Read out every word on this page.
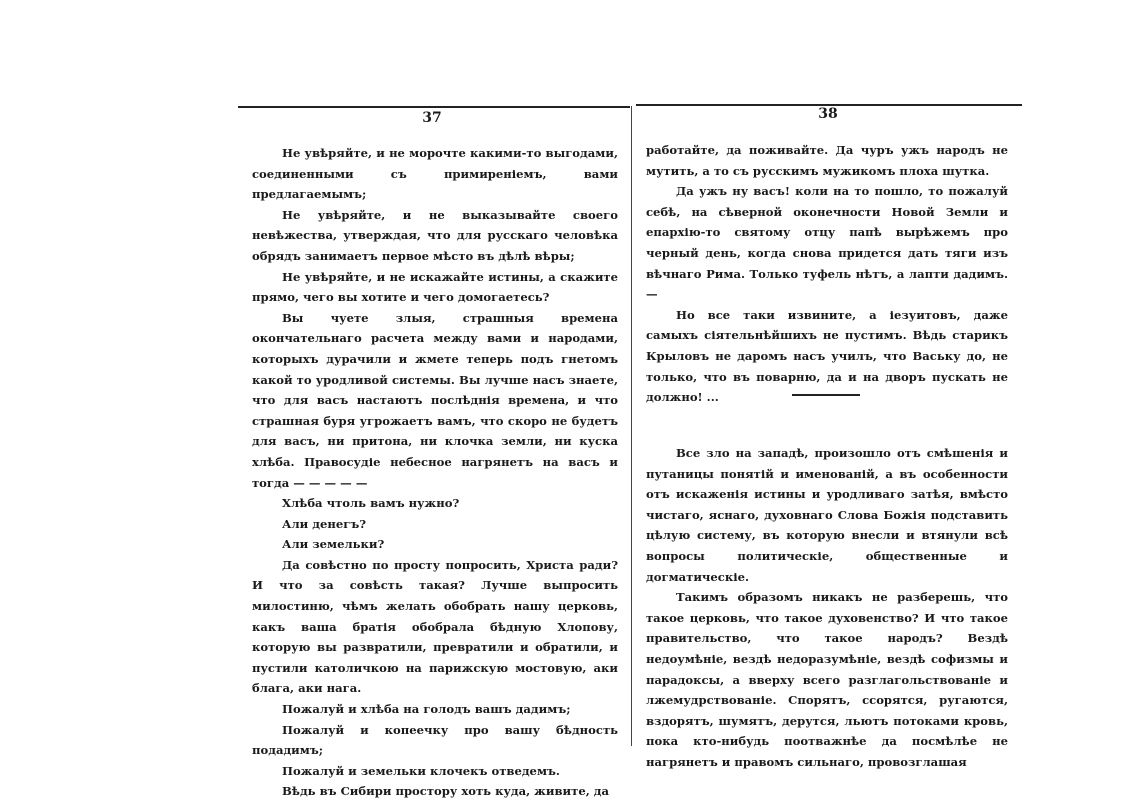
37	38

Не увѣряйте, и не морочте какими-то выгодами, соединенными съ примиреніемъ, вами предлагаемымъ;

Не увѣряйте, и не выказывайте своего невѣжества, утверждая, что для русскаго человѣка обрядъ занимаетъ первое мѣсто въ дѣлѣ вѣры;

Не увѣряйте, и не искажайте истины, а скажите прямо, чего вы хотите и чего домогаетесь?

Вы чуете злыя, страшныя времена окончательнаго расчета между вами и народами, которыхъ дурачили и жмете теперь подъ гнетомъ какой то уродливой системы. Вы лучше насъ знаете, что для васъ настаютъ послѣднія времена, и что страшная буря угрожаетъ вамъ, что скоро не будетъ для васъ, ни притона, ни клочка земли, ни куска хлѣба. Правосудіе небесное нагрянетъ на васъ и тогда — — — — —

Хлѣба чтоль вамъ нужно?

Али денегъ?

Али земельки?

Да совѣстно по просту попросить, Христа ради? И что за совѣсть такая? Лучше выпросить милостиню, чѣмъ желать обобрать нашу церковь, какъ ваша братія обобрала бѣдную Хлопову, которую вы развратили, превратили и обратили, и пустили католичкою на парижскую мостовую, аки блага, аки нага.

Пожалуй и хлѣба на голодъ вашъ дадимъ;

Пожалуй и копеечку про вашу бѣдность подадимъ;

Пожалуй и земельки клочекъ отведемъ.

Вѣдь въ Сибири простору хоть куда, живите, да

работайте, да поживайте. Да чуръ ужъ народъ не мутить, а то съ русскимъ мужикомъ плоха шутка.

Да ужъ ну васъ! коли на то пошло, то пожалуй себѣ, на сѣверной оконечности Новой Земли и епархію-то святому отцу папѣ вырѣжемъ про черный день, когда снова придется дать тяги изъ вѣчнаго Рима. Только туфель нѣтъ, а лапти дадимъ. —

Но все таки извините, а іезуитовъ, даже самыхъ сіятельнѣйшихъ не пустимъ. Вѣдь старикъ Крыловъ не даромъ насъ училъ, что Ваську до, не только, что въ поварню, да и на дворъ пускать не должно! ...

Все зло на западѣ, произошло отъ смѣшенія и путаницы понятій и именованій, а въ особенности отъ искаженія истины и уродливаго затѣя, вмѣсто чистаго, яснаго, духовнаго Слова Божія подставить цѣлую систему, въ которую внесли и втянули всѣ вопросы политическіе, общественные и догматическіе.

Такимъ образомъ никакъ не разберешь, что такое церковь, что такое духовенство? И что такое правительство, что такое народъ? Вездѣ недоумѣніе, вездѣ недоразумѣніе, вездѣ софизмы и парадоксы, а вверху всего разглагольствованіе и лжемудрствованіе. Спорятъ, ссорятся, ругаются, вздорятъ, шумятъ, дерутся, льютъ потоками кровь, пока кто-нибудь поотважнѣе да посмѣлѣе не нагрянетъ и правомъ сильнаго, провозглашая
